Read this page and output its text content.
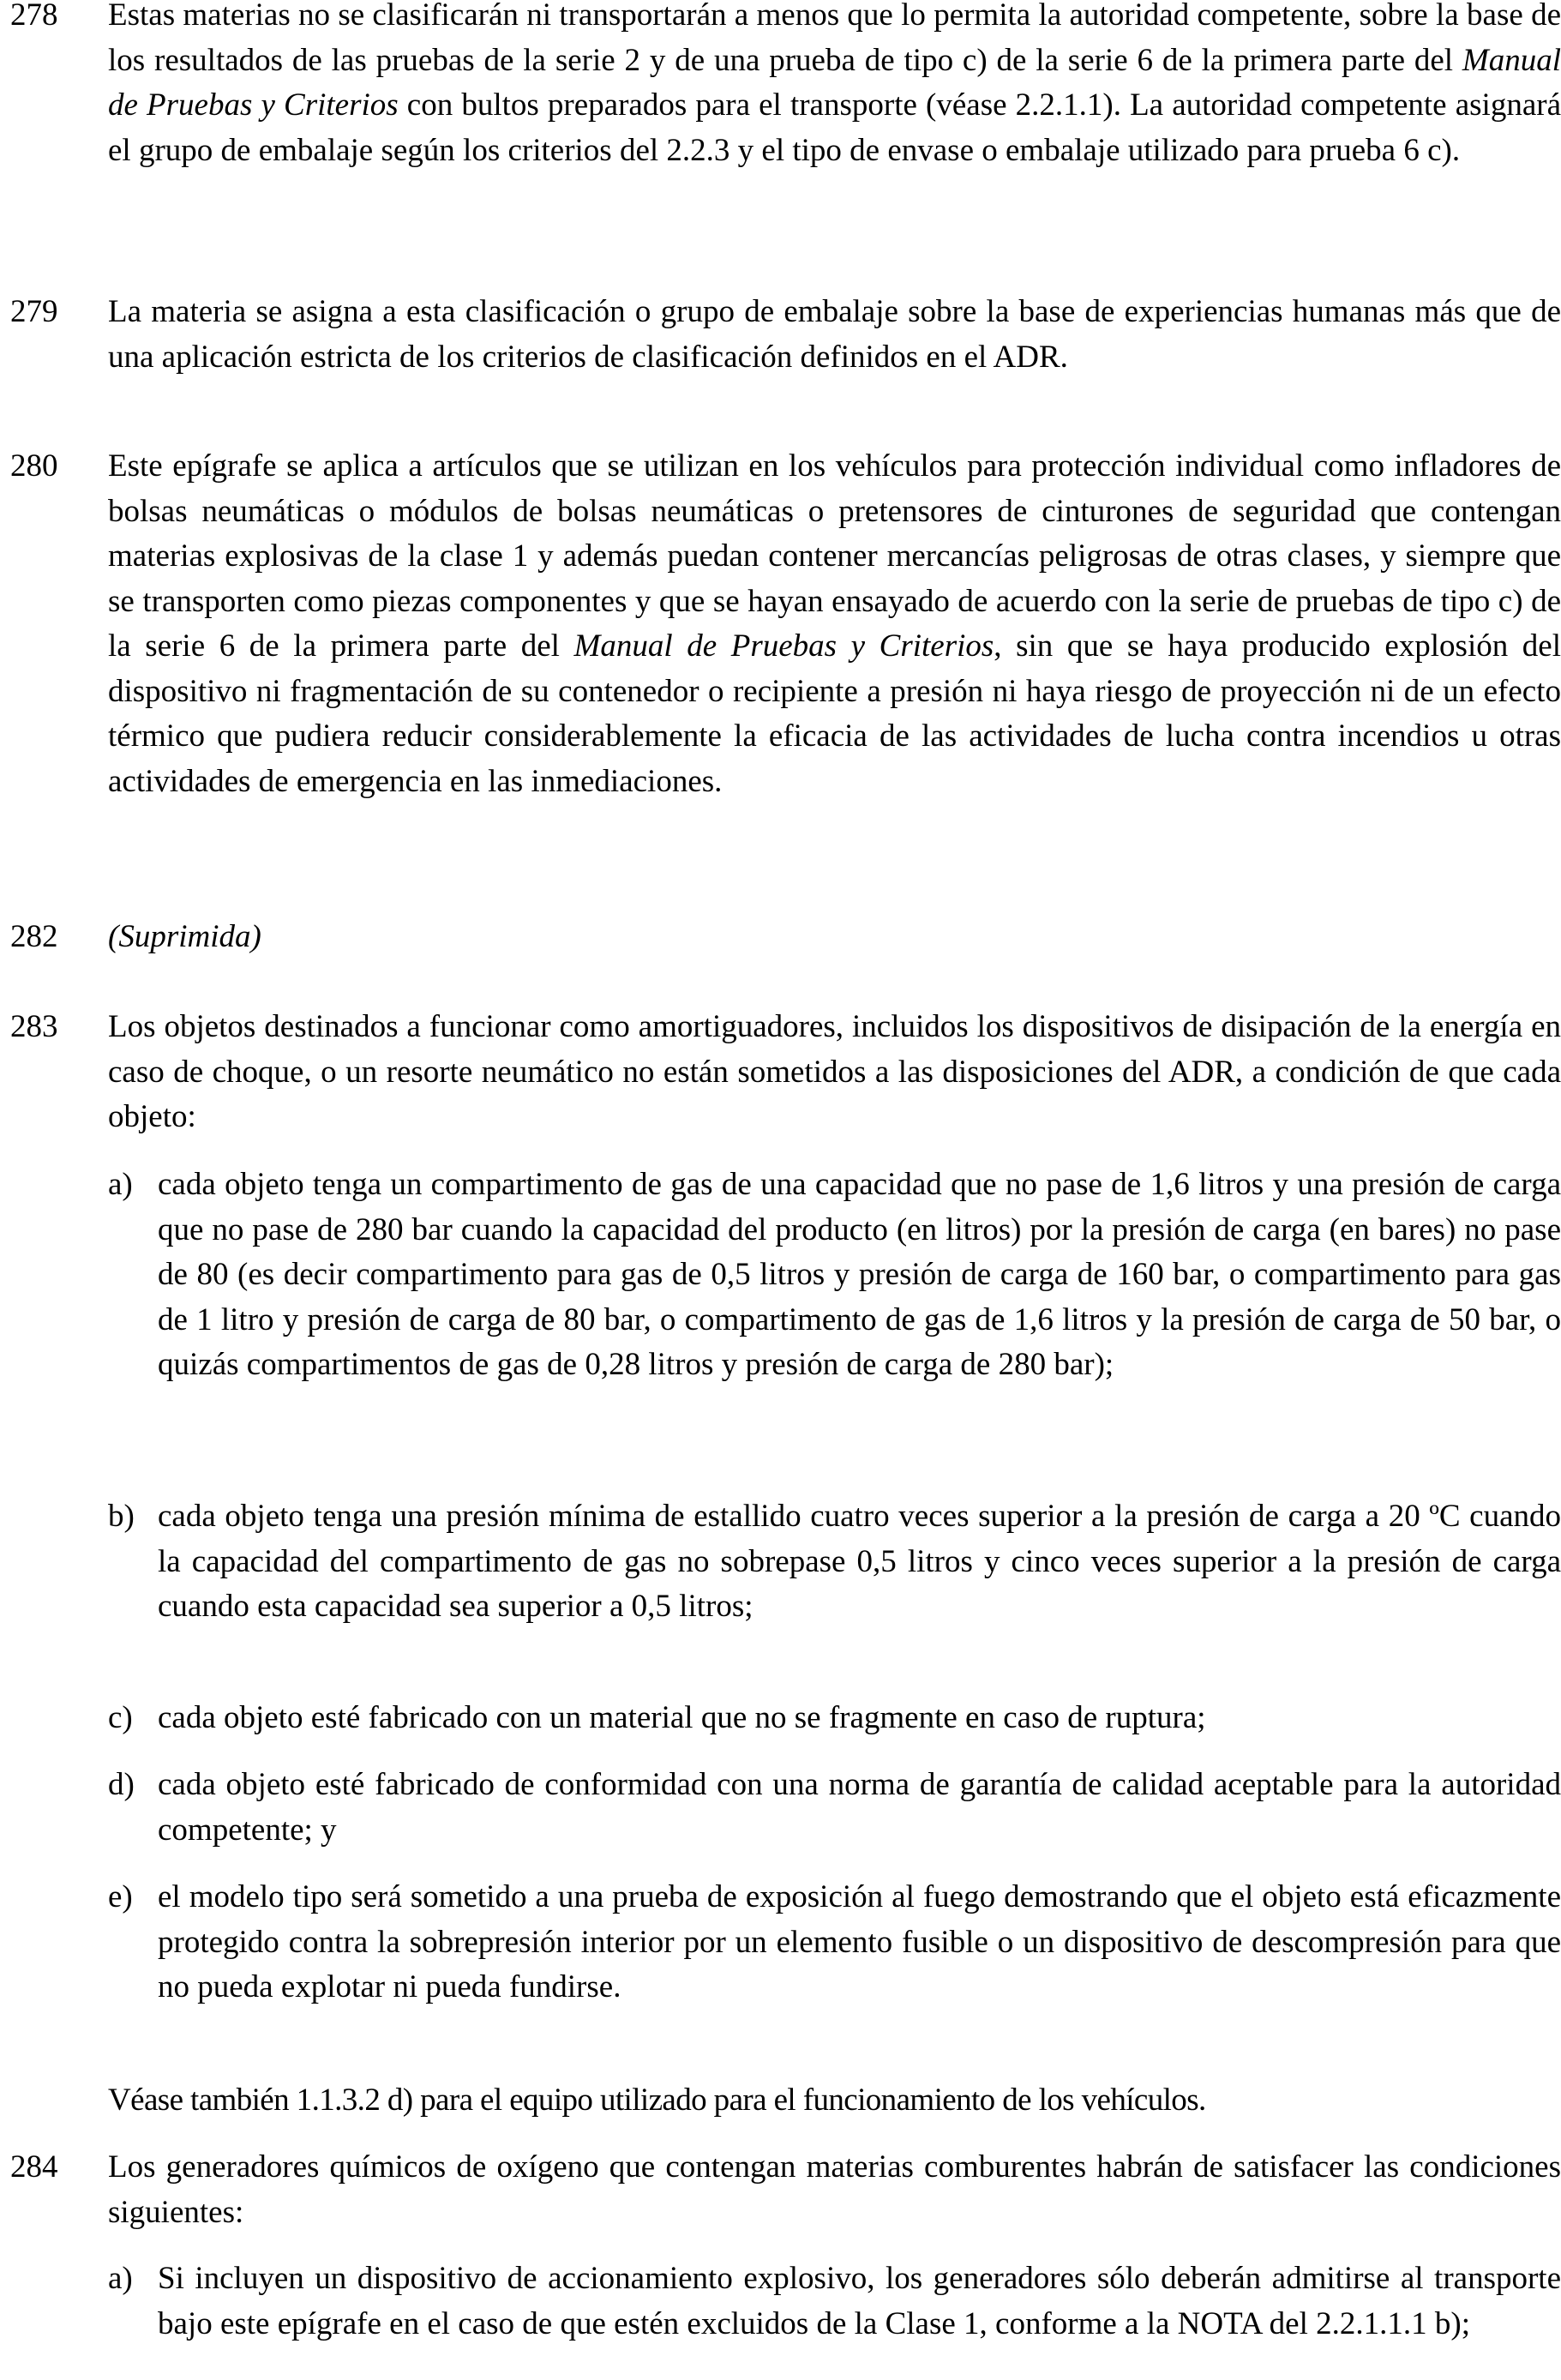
278 Estas materias no se clasificarán ni transportarán a menos que lo permita la autoridad competente, sobre la base de los resultados de las pruebas de la serie 2 y de una prueba de tipo c) de la serie 6 de la primera parte del Manual de Pruebas y Criterios con bultos preparados para el transporte (véase 2.2.1.1). La autoridad competente asignará el grupo de embalaje según los criterios del 2.2.3 y el tipo de envase o embalaje utilizado para prueba 6 c).
279 La materia se asigna a esta clasificación o grupo de embalaje sobre la base de experiencias humanas más que de una aplicación estricta de los criterios de clasificación definidos en el ADR.
280 Este epígrafe se aplica a artículos que se utilizan en los vehículos para protección individual como infladores de bolsas neumáticas o módulos de bolsas neumáticas o pretensores de cinturones de seguridad que contengan materias explosivas de la clase 1 y además puedan contener mercancías peligrosas de otras clases, y siempre que se transporten como piezas componentes y que se hayan ensayado de acuerdo con la serie de pruebas de tipo c) de la serie 6 de la primera parte del Manual de Pruebas y Criterios, sin que se haya producido explosión del dispositivo ni fragmentación de su contenedor o recipiente a presión ni haya riesgo de proyección ni de un efecto térmico que pudiera reducir considerablemente la eficacia de las actividades de lucha contra incendios u otras actividades de emergencia en las inmediaciones.
282 (Suprimida)
283 Los objetos destinados a funcionar como amortiguadores, incluidos los dispositivos de disipación de la energía en caso de choque, o un resorte neumático no están sometidos a las disposiciones del ADR, a condición de que cada objeto:
a) cada objeto tenga un compartimento de gas de una capacidad que no pase de 1,6 litros y una presión de carga que no pase de 280 bar cuando la capacidad del producto (en litros) por la presión de carga (en bares) no pase de 80 (es decir compartimento para gas de 0,5 litros y presión de carga de 160 bar, o compartimento para gas de 1 litro y presión de carga de 80 bar, o compartimento de gas de 1,6 litros y la presión de carga de 50 bar, o quizás compartimentos de gas de 0,28 litros y presión de carga de 280 bar);
b) cada objeto tenga una presión mínima de estallido cuatro veces superior a la presión de carga a 20 ºC cuando la capacidad del compartimento de gas no sobrepase 0,5 litros y cinco veces superior a la presión de carga cuando esta capacidad sea superior a 0,5 litros;
c) cada objeto esté fabricado con un material que no se fragmente en caso de ruptura;
d) cada objeto esté fabricado de conformidad con una norma de garantía de calidad aceptable para la autoridad competente; y
e) el modelo tipo será sometido a una prueba de exposición al fuego demostrando que el objeto está eficazmente protegido contra la sobrepresión interior por un elemento fusible o un dispositivo de descompresión para que no pueda explotar ni pueda fundirse.
Véase también 1.1.3.2 d) para el equipo utilizado para el funcionamiento de los vehículos.
284 Los generadores químicos de oxígeno que contengan materias comburentes habrán de satisfacer las condiciones siguientes:
a) Si incluyen un dispositivo de accionamiento explosivo, los generadores sólo deberán admitirse al transporte bajo este epígrafe en el caso de que estén excluidos de la Clase 1, conforme a la NOTA del 2.2.1.1.1 b);
